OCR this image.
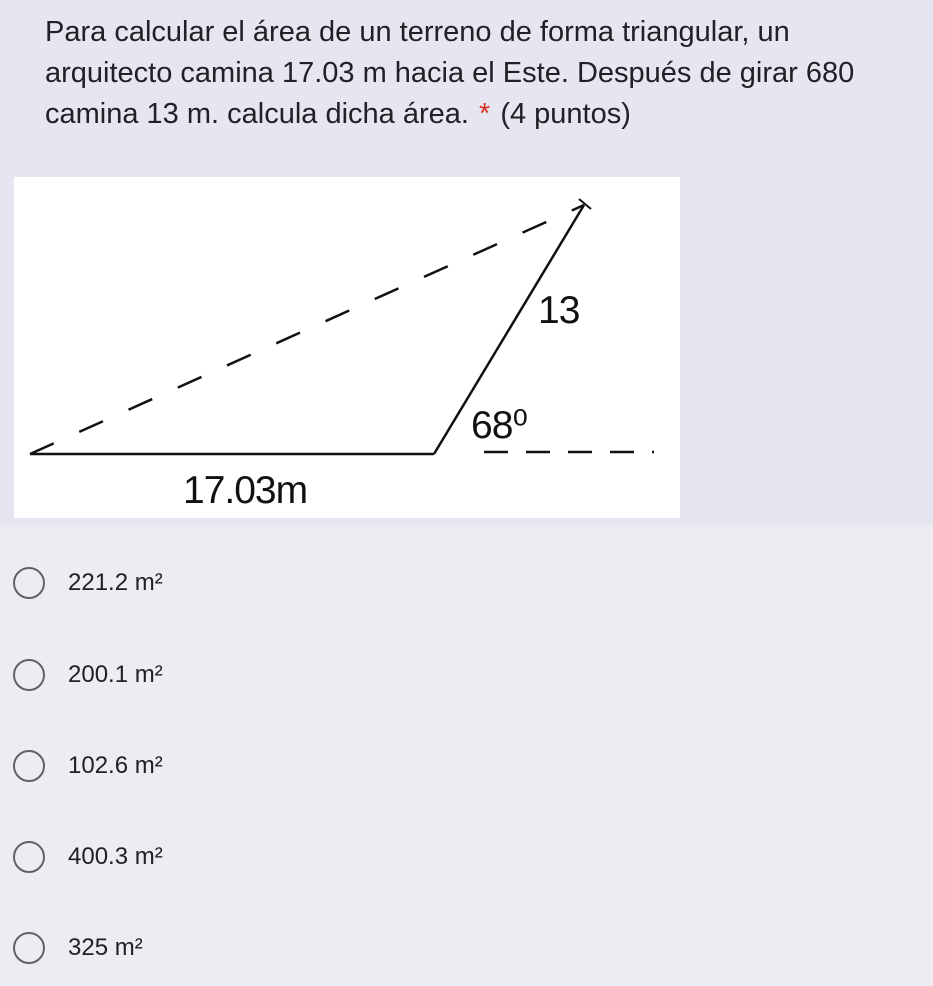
Para calcular el área de un terreno de forma triangular, un arquitecto camina 17.03 m hacia el Este. Después de girar 680 camina 13 m. calcula dicha área. * (4 puntos)
17.03m
13
68⁰
221.2 m²
200.1 m²
102.6 m²
400.3 m²
325 m²
